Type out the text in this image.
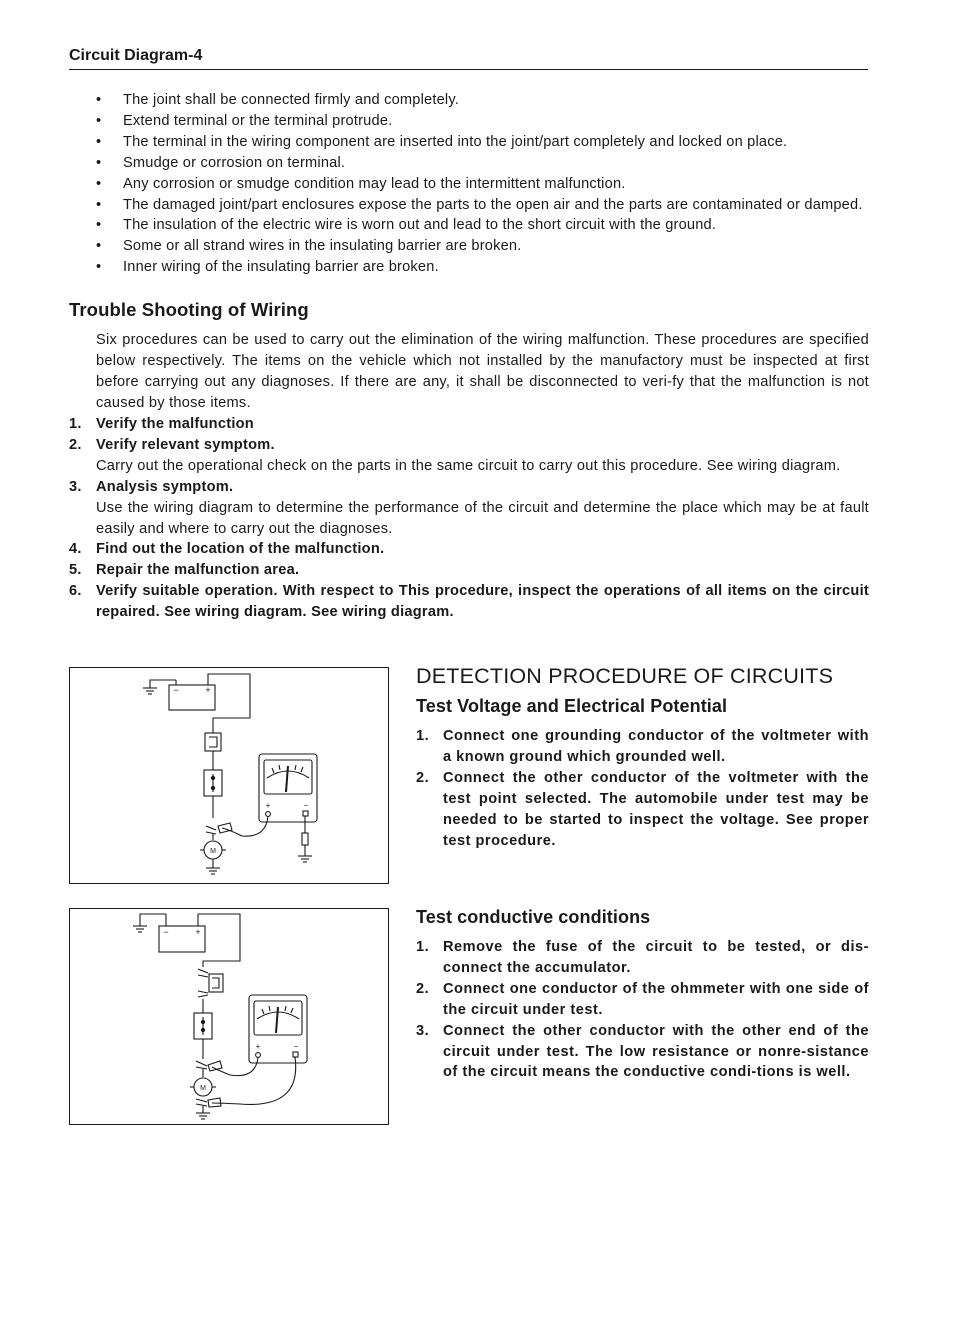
Circuit Diagram-4
• The joint shall be connected firmly and completely.
• Extend terminal or the terminal protrude.
• The terminal in the wiring component are inserted into the joint/part completely and locked on place.
• Smudge or corrosion on terminal.
• Any corrosion or smudge condition may lead to the intermittent malfunction.
• The damaged joint/part enclosures expose the parts to the open air and the parts are contaminated or damped.
• The insulation of the electric wire is worn out and lead to the short circuit with the ground.
• Some or all strand wires in the insulating barrier are broken.
• Inner wiring of the insulating barrier are broken.
Trouble Shooting of Wiring
Six procedures can be used to carry out the elimination of the wiring malfunction. These procedures are specified below respectively. The items on the vehicle which not installed by the manufactory must be inspected at first before carrying out any diagnoses. If there are any, it shall be disconnected to veri-fy that the malfunction is not caused by those items.
1. Verify the malfunction
2. Verify relevant symptom.
Carry out the operational check on the parts in the same circuit to carry out this procedure. See wiring diagram.
3. Analysis symptom.
Use the wiring diagram to determine the performance of the circuit and determine the place which may be at fault easily and where to carry out the diagnoses.
4. Find out the location of the malfunction.
5. Repair the malfunction area.
6. Verify suitable operation. With respect to This procedure, inspect the operations of all items on the circuit repaired. See wiring diagram. See wiring diagram.
−	+
M
+	−
−	+
M
+	−
DETECTION PROCEDURE OF CIRCUITS
Test Voltage and Electrical Potential
1. Connect one grounding conductor of the voltmeter with a known ground which grounded well.
2. Connect the other conductor of the voltmeter with the test point selected. The automobile under test may be needed to be started to inspect the voltage. See proper test procedure.
Test conductive conditions
1. Remove the fuse of the circuit to be tested, or dis-connect the accumulator.
2. Connect one conductor of the ohmmeter with one side of the circuit under test.
3. Connect the other conductor with the other end of the circuit under test. The low resistance or nonre-sistance of the circuit means the conductive condi-tions is well.
